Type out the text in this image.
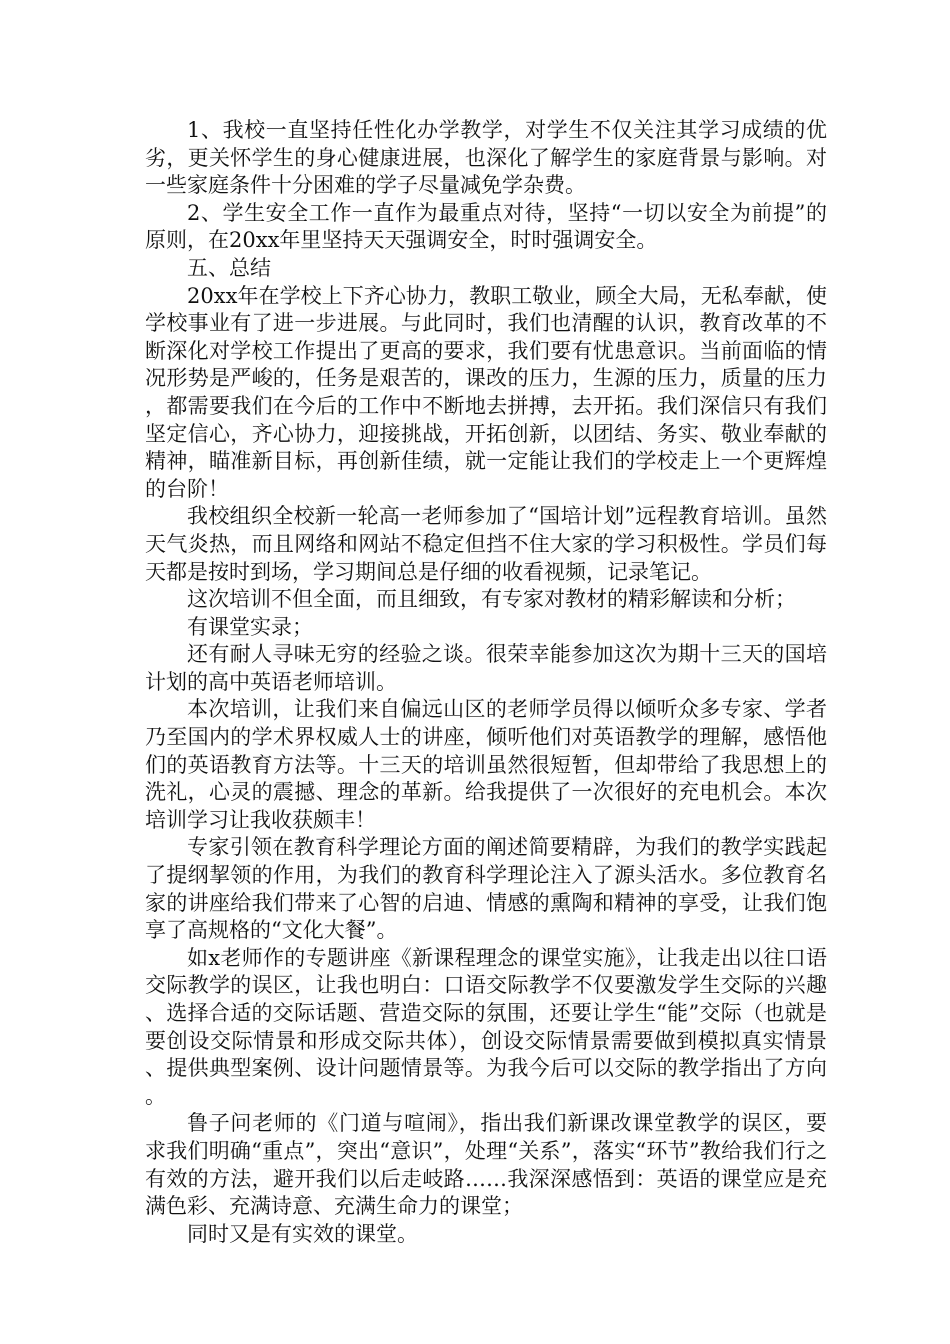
1、我校一直坚持任性化办学教学，对学生不仅关注其学习成绩的优劣，更关怀学生的身心健康进展，也深化了解学生的家庭背景与影响。对一些家庭条件十分困难的学子尽量减免学杂费。

2、学生安全工作一直作为最重点对待，坚持“一切以安全为前提”的原则，在20xx年里坚持天天强调安全，时时强调安全。

五、总结

20xx年在学校上下齐心协力，教职工敬业，顾全大局，无私奉献，使学校事业有了进一步进展。与此同时，我们也清醒的认识，教育改革的不断深化对学校工作提出了更高的要求，我们要有忧患意识。当前面临的情况形势是严峻的，任务是艰苦的，课改的压力，生源的压力，质量的压力，都需要我们在今后的工作中不断地去拼搏，去开拓。我们深信只有我们坚定信心，齐心协力，迎接挑战，开拓创新，以团结、务实、敬业奉献的精神，瞄准新目标，再创新佳绩，就一定能让我们的学校走上一个更辉煌的台阶！

我校组织全校新一轮高一老师参加了“国培计划”远程教育培训。虽然天气炎热，而且网络和网站不稳定但挡不住大家的学习积极性。学员们每天都是按时到场，学习期间总是仔细的收看视频，记录笔记。

这次培训不但全面，而且细致，有专家对教材的精彩解读和分析；

有课堂实录；

还有耐人寻味无穷的经验之谈。很荣幸能参加这次为期十三天的国培计划的高中英语老师培训。

本次培训，让我们来自偏远山区的老师学员得以倾听众多专家、学者乃至国内的学术界权威人士的讲座，倾听他们对英语教学的理解，感悟他们的英语教育方法等。十三天的培训虽然很短暂，但却带给了我思想上的洗礼，心灵的震撼、理念的革新。给我提供了一次很好的充电机会。本次培训学习让我收获颇丰！

专家引领在教育科学理论方面的阐述简要精辟，为我们的教学实践起了提纲挈领的作用，为我们的教育科学理论注入了源头活水。多位教育名家的讲座给我们带来了心智的启迪、情感的熏陶和精神的享受，让我们饱享了高规格的“文化大餐”。

如x老师作的专题讲座《新课程理念的课堂实施》，让我走出以往口语交际教学的误区，让我也明白：口语交际教学不仅要激发学生交际的兴趣、选择合适的交际话题、营造交际的氛围，还要让学生“能”交际（也就是要创设交际情景和形成交际共体），创设交际情景需要做到模拟真实情景、提供典型案例、设计问题情景等。为我今后可以交际的教学指出了方向。

鲁子问老师的《门道与喧闹》，指出我们新课改课堂教学的误区，要求我们明确“重点”，突出“意识”，处理“关系”，落实“环节”教给我们行之有效的方法，避开我们以后走岐路……我深深感悟到：英语的课堂应是充满色彩、充满诗意、充满生命力的课堂；

同时又是有实效的课堂。
